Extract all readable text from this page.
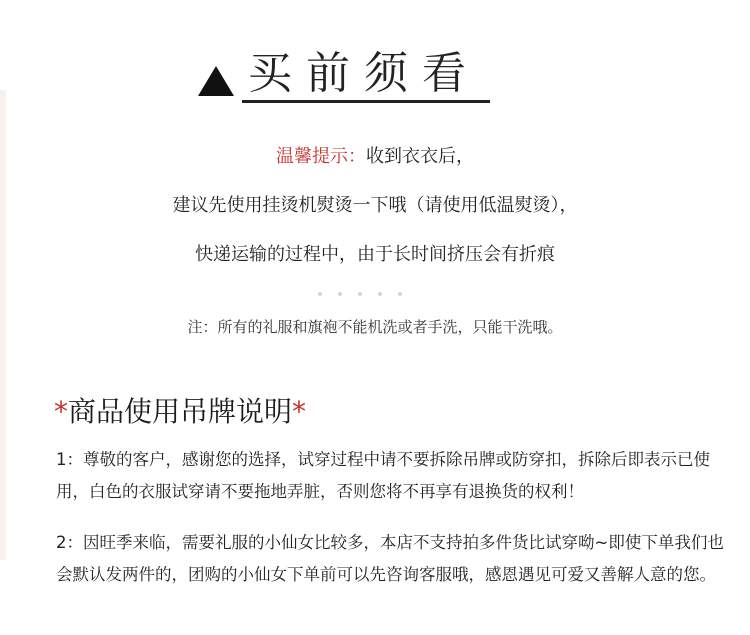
买前须看
温馨提示：收到衣衣后，
建议先使用挂烫机熨烫一下哦（请使用低温熨烫），
快递运输的过程中，由于长时间挤压会有折痕
注：所有的礼服和旗袍不能机洗或者手洗，只能干洗哦。
*商品使用吊牌说明*
1：尊敬的客户，感谢您的选择，试穿过程中请不要拆除吊牌或防穿扣，拆除后即表示已使用，白色的衣服试穿请不要拖地弄脏，否则您将不再享有退换货的权利！
2：因旺季来临，需要礼服的小仙女比较多，本店不支持拍多件货比试穿呦~即使下单我们也会默认发两件的，团购的小仙女下单前可以先咨询客服哦，感恩遇见可爱又善解人意的您。
